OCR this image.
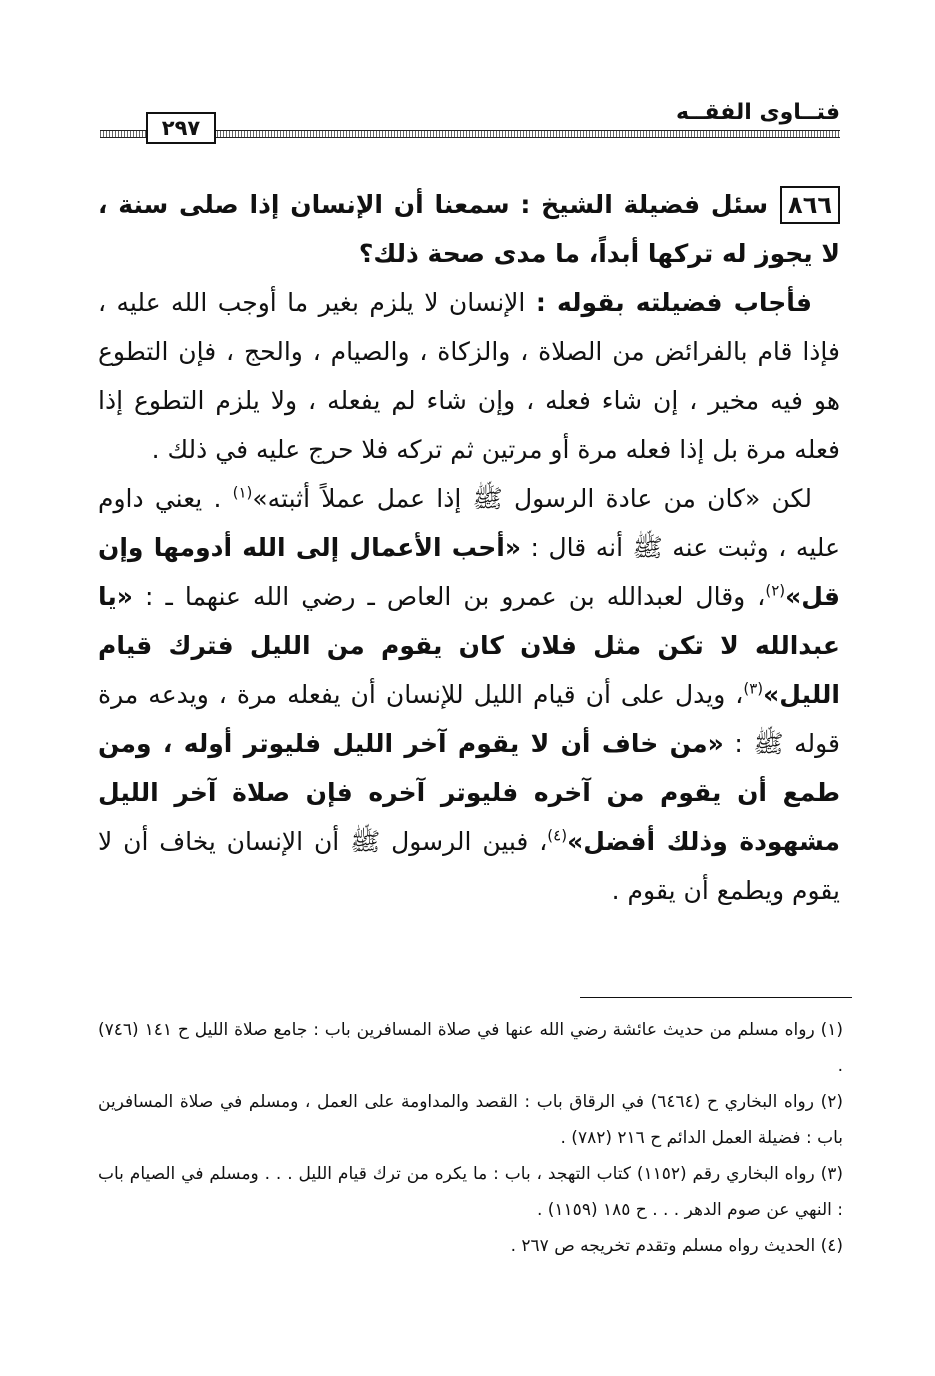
فتــاوى الفقــه
٢٩٧
٨٦٦

سئل فضيلة الشيخ : سمعنا أن الإنسان إذا صلى سنة ، لا يجوز له تركها أبداً، ما مدى صحة ذلك؟

فأجاب فضيلته بقوله : الإنسان لا يلزم بغير ما أوجب الله عليه ، فإذا قام بالفرائض من الصلاة ، والزكاة ، والصيام ، والحج ، فإن التطوع هو فيه مخير ، إن شاء فعله ، وإن شاء لم يفعله ، ولا يلزم التطوع إذا فعله مرة بل إذا فعله مرة أو مرتين ثم تركه فلا حرج عليه في ذلك .

لكن «كان من عادة الرسول ﷺ إذا عمل عملاً أثبته»$^{(١)}$ . يعني داوم عليه ، وثبت عنه ﷺ أنه قال : «أحب الأعمال إلى الله أدومها وإن قل»$^{(٢)}$، وقال لعبدالله بن عمرو بن العاص ـ رضي الله عنهما ـ : «يا عبدالله لا تكن مثل فلان كان يقوم من الليل فترك قيام الليل»$^{(٣)}$، ويدل على أن قيام الليل للإنسان أن يفعله مرة ، ويدعه مرة قوله ﷺ : «من خاف أن لا يقوم آخر الليل فليوتر أوله ، ومن طمع أن يقوم من آخره فليوتر آخره فإن صلاة آخر الليل مشهودة وذلك أفضل»$^{(٤)}$، فبين الرسول ﷺ أن الإنسان يخاف أن لا يقوم ويطمع أن يقوم .

(١) رواه مسلم من حديث عائشة رضي الله عنها في صلاة المسافرين باب : جامع صلاة الليل ح ١٤١ (٧٤٦) .

(٢) رواه البخاري ح (٦٤٦٤) في الرقاق باب : القصد والمداومة على العمل ، ومسلم في صلاة المسافرين باب : فضيلة العمل الدائم ح ٢١٦ (٧٨٢) .

(٣) رواه البخاري رقم (١١٥٢) كتاب التهجد ، باب : ما يكره من ترك قيام الليل . . . ومسلم في الصيام باب : النهي عن صوم الدهر . . . ح ١٨٥ (١١٥٩) .

(٤) الحديث رواه مسلم وتقدم تخريجه ص ٢٦٧ .
